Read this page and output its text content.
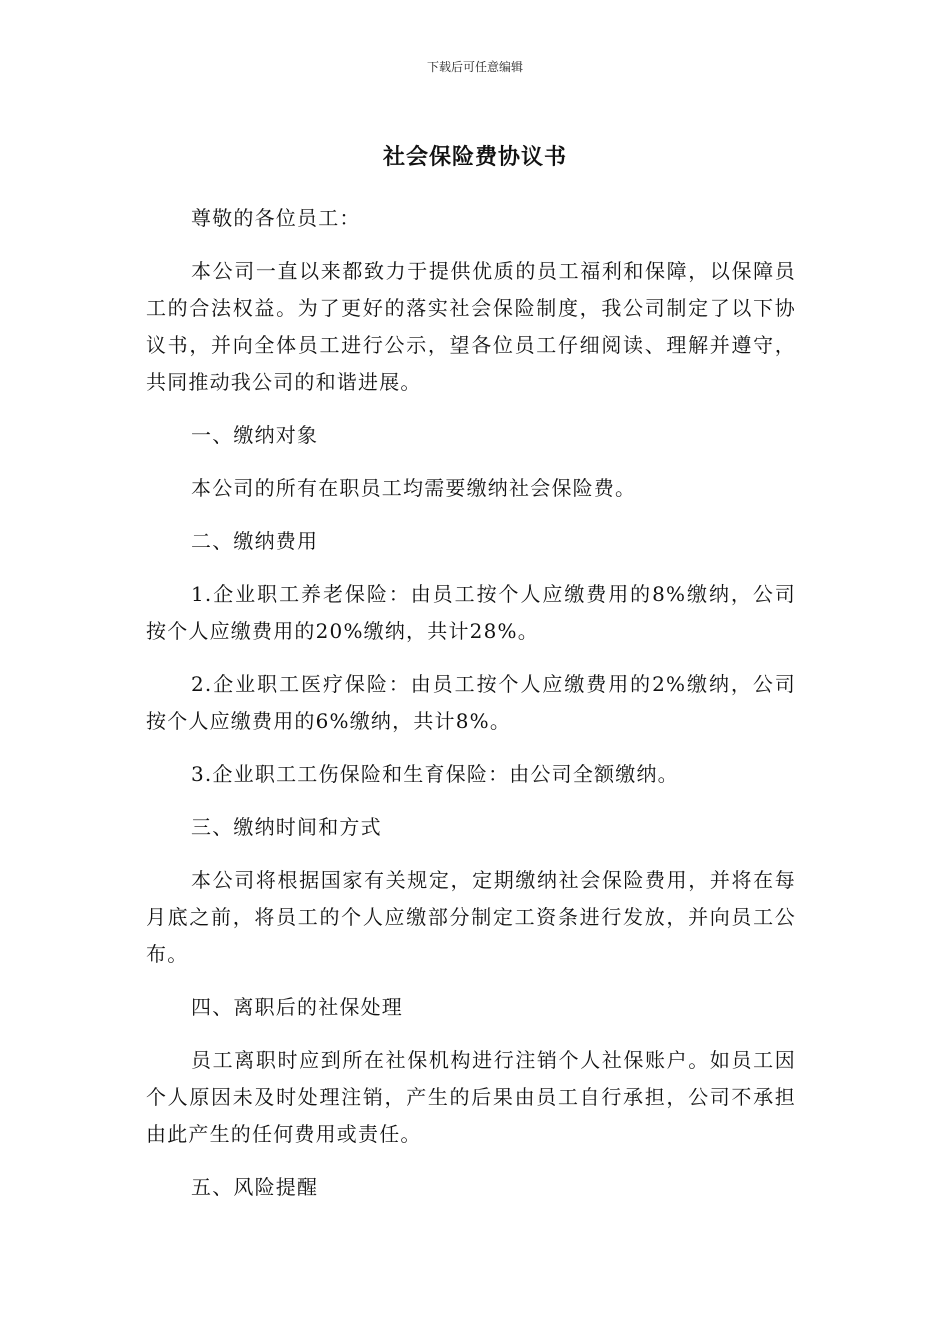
下载后可任意编辑
社会保险费协议书

尊敬的各位员工：

本公司一直以来都致力于提供优质的员工福利和保障，以保障员工的合法权益。为了更好的落实社会保险制度，我公司制定了以下协议书，并向全体员工进行公示，望各位员工仔细阅读、理解并遵守，共同推动我公司的和谐进展。

一、缴纳对象

本公司的所有在职员工均需要缴纳社会保险费。

二、缴纳费用

1.企业职工养老保险：由员工按个人应缴费用的8%缴纳，公司按个人应缴费用的20%缴纳，共计28%。

2.企业职工医疗保险：由员工按个人应缴费用的2%缴纳，公司按个人应缴费用的6%缴纳，共计8%。

3.企业职工工伤保险和生育保险：由公司全额缴纳。

三、缴纳时间和方式

本公司将根据国家有关规定，定期缴纳社会保险费用，并将在每月底之前，将员工的个人应缴部分制定工资条进行发放，并向员工公布。

四、离职后的社保处理

员工离职时应到所在社保机构进行注销个人社保账户。如员工因个人原因未及时处理注销，产生的后果由员工自行承担，公司不承担由此产生的任何费用或责任。

五、风险提醒
